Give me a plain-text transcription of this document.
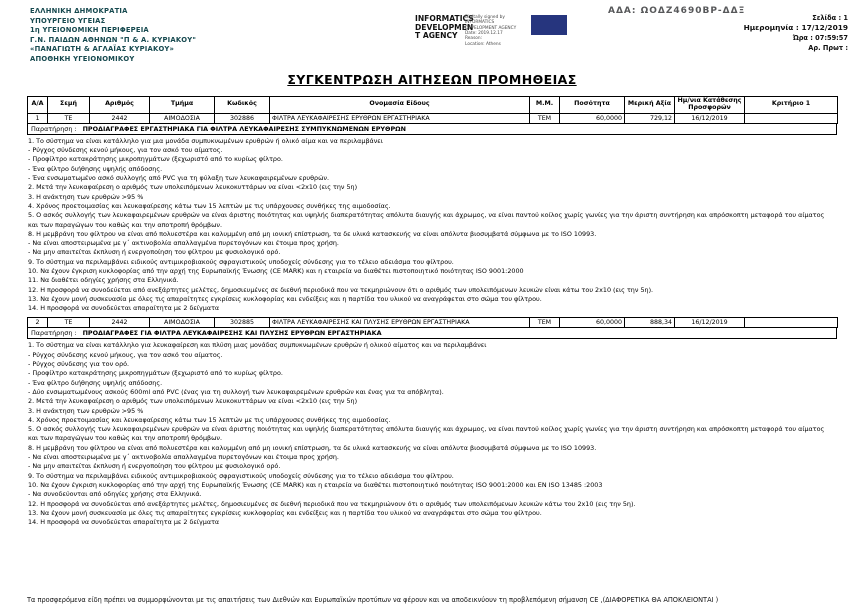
ΕΛΛΗΝΙΚΗ ΔΗΜΟΚΡΑΤΙΑ
ΥΠΟΥΡΓΕΙΟ ΥΓΕΙΑΣ
1η ΥΓΕΙΟΝΟΜΙΚΗ ΠΕΡΙΦΕΡΕΙΑ
Γ.Ν. ΠΑΙΔΩΝ ΑΘΗΝΩΝ "Π & Α. ΚΥΡΙΑΚΟΥ"
«ΠΑΝΑΓΙΩΤΗ & ΑΓΛΑΪΑΣ ΚΥΡΙΑΚΟΥ»
ΑΠΟΘΗΚΗ ΥΓΕΙΟΝΟΜΙΚΟΥ
INFORMATICS DEVELOPMEN T AGENCY
Digitally signed by INFORMATICS DEVELOPMENT AGENCY
Date: 2019.12.17
Reason:
Location: Athens
ΑΔΑ: ΩΟΔΖ4690ΒΡ-ΔΔΞ
Σελίδα : 1
Ημερομηνία : 17/12/2019
Ώρα : 07:59:57
Αρ. Πρωτ :
ΣΥΓΚΕΝΤΡΩΣΗ ΑΙΤΗΣΕΩΝ ΠΡΟΜΗΘΕΙΑΣ
Α/Α	Σεμή	Αριθμός	Τμήμα	Κωδικός	Ονομασία Είδους	Μ.Μ.	Ποσότητα	Μερική Αξία	Ημ/νια Κατάθεσης Προσφορών	Κριτήριο 1
1	ΤΕ	2442	ΑΙΜΟΔΟΣΙΑ	302886	ΦΙΛΤΡΑ ΛΕΥΚΑΦΑΙΡΕΣΗΣ ΕΡΥΘΡΩΝ ΕΡΓΑΣΤΗΡΙΑΚΑ	ΤΕΜ	60,0000	729,12	16/12/2019	
Παρατήρηση : ΠΡΟΔΙΑΓΡΑΦΕΣ ΕΡΓΑΣΤΗΡΙΑΚΑ ΓΙΑ ΦΙΛΤΡΑ ΛΕΥΚΑΦΑΙΡΕΣΗΣ ΣΥΜΠΥΚΝΩΜΕΝΩΝ ΕΡΥΘΡΩΝ
1. Το σύστημα να είναι κατάλληλο για μια μονάδα συμπυκνωμένων ερυθρών ή ολικό αίμα και να περιλαμβάνει
- Ρύγχος σύνδεσης κενού μήκους, για τον ασκό του αίματος.
- Προφίλτρο κατακράτησης μικροπηγμάτων (ξεχωριστό από το κυρίως φίλτρο.
- Ένα φίλτρο διήθησης υψηλής απόδοσης.
- Ένα ενσωματωμένο ασκό συλλογής από PVC για τη φύλαξη των λευκαφαιρεμένων ερυθρών.
2. Μετά την λευκαφαίρεση ο αριθμός των υπολειπόμενων λευκοκυττάρων να είναι <2x10 (εις την 5η)
3. Η ανάκτηση των ερυθρών >95 %
4. Χρόνος προετοιμασίας και λευκαφαίρεσης κάτω των 15 λεπτών με τις υπάρχουσες συνθήκες της αιμοδοσίας.
5. Ο ασκός συλλογής των λευκαφαιρεμένων ερυθρών να είναι άριστης ποιότητας και υψηλής διαπερατότητας απόλυτα διαυγής και άχρωμος, να είναι παντού κοίλος χωρίς γωνίες για την άριστη συντήρηση και απρόσκοπτη μεταφορά του αίματος και των παραγώγων του καθώς και την αποτροπή θρόμβων.
8. Η μεμβράνη του φίλτρου να είναι από πολυεστέρα και καλυμμένη από μη ιονική επίστρωση, τα δε υλικά κατασκευής να είναι απόλυτα βιοσυμβατά σύμφωνα με το ISO 10993.
- Να είναι αποστειρωμένα με γ΄ ακτινοβολία απαλλαγμένα πυρετογόνων και έτοιμα προς χρήση.
- Να μην απαιτείται έκπλυση ή ενεργοποίηση του φίλτρου με φυσιολογικό ορό.
9. Το σύστημα να περιλαμβάνει ειδικούς αντιμικροβιακούς σφραγιστικούς υποδοχείς σύνδεσης για το τέλειο αδειάσμα του φίλτρου.
10. Να έχουν έγκριση κυκλοφορίας από την αρχή της Ευρωπαϊκής Ένωσης (CE MARK) και η εταιρεία να διαθέτει πιστοποιητικό ποιότητας ISO 9001:2000
11. Να διαθέτει οδηγίες χρήσης στα Ελληνικά.
12. Η προσφορά να συνοδεύεται από ανεξάρτητες μελέτες, δημοσιευμένες σε διεθνή περιοδικά που να τεκμηριώνουν ότι ο αριθμός των υπολειπόμενων λευκών είναι κάτω του 2x10 (εις την 5η).
13. Να έχουν μονή συσκευασία με όλες τις απαραίτητες εγκρίσεις κυκλοφορίας και ενδείξεις και η παρτίδα του υλικού να αναγράφεται στο σώμα του φίλτρου.
14. Η προσφορά να συνοδεύεται απαραίτητα με 2 δείγματα
2	ΤΕ	2442	ΑΙΜΟΔΟΣΙΑ	302885	ΦΙΛΤΡΑ ΛΕΥΚΑΦΑΙΡΕΣΗΣ ΚΑΙ ΠΛΥΣΗΣ ΕΡΥΘΡΩΝ ΕΡΓΑΣΤΗΡΙΑΚΑ	ΤΕΜ	60,0000	888,34	16/12/2019	
Παρατήρηση : ΠΡΟΔΙΑΓΡΑΦΕΣ ΓΙΑ ΦΙΛΤΡΑ ΛΕΥΚΑΦΑΙΡΕΣΗΣ ΚΑΙ ΠΛΥΣΗΣ ΕΡΥΘΡΩΝ ΕΡΓΑΣΤΗΡΙΑΚΑ
1. Το σύστημα να είναι κατάλληλο για λευκαφαίρεση και πλύση μιας μονάδας συμπυκνωμένων ερυθρών ή ολικού αίματος και να περιλαμβάνει
- Ρύγχος σύνδεσης κενού μήκους, για τον ασκό του αίματος.
- Ρύγχος σύνδεσης για τον ορό.
- Προφίλτρο κατακράτησης μικροπηγμάτων (ξεχωριστό από το κυρίως φίλτρο.
- Ένα φίλτρο διήθησης υψηλής απόδοσης.
- Δύο ενσωματωμένους ασκούς 600ml από PVC (ένας για τη συλλογή των λευκαφαιρεμένων ερυθρών και ένας για τα απόβλητα).
2. Μετά την λευκαφαίρεση ο αριθμός των υπολειπόμενων λευκοκυττάρων να είναι <2x10 (εις την 5η)
3. Η ανάκτηση των ερυθρών >95 %
4. Χρόνος προετοιμασίας και λευκαφαίρεσης κάτω των 15 λεπτών με τις υπάρχουσες συνθήκες της αιμοδοσίας.
5. Ο ασκός συλλογής των λευκαφαιρεμένων ερυθρών να είναι άριστης ποιότητας και υψηλής διαπερατότητας απόλυτα διαυγής και άχρωμος, να είναι παντού κοίλος χωρίς γωνίες για την άριστη συντήρηση και απρόσκοπτη μεταφορά του αίματος και των παραγώγων του καθώς και την αποτροπή θρόμβων.
8. Η μεμβράνη του φίλτρου να είναι από πολυεστέρα και καλυμμένη από μη ιονική επίστρωση, τα δε υλικά κατασκευής να είναι απόλυτα βιοσυμβατά σύμφωνα με το ISO 10993.
- Να είναι αποστειρωμένα με γ΄ ακτινοβολία απαλλαγμένα πυρετογόνων και έτοιμα προς χρήση.
- Να μην απαιτείται έκπλυση ή ενεργοποίηση του φίλτρου με φυσιολογικό ορό.
9. Το σύστημα να περιλαμβάνει ειδικούς αντιμικροβιακούς σφραγιστικούς υποδοχείς σύνδεσης για το τέλειο αδειάσμα του φίλτρου.
10. Να έχουν έγκριση κυκλοφορίας από την αρχή της Ευρωπαϊκής Ένωσης (CE MARK) και η εταιρεία να διαθέτει πιστοποιητικό ποιότητας ISO 9001:2000 και EN ISO 13485 :2003
- Να συνοδεύονται από οδηγίες χρήσης στα Ελληνικά.
12. Η προσφορά να συνοδεύεται από ανεξάρτητες μελέτες, δημοσιευμένες σε διεθνή περιοδικά που να τεκμηριώνουν ότι ο αριθμός των υπολειπόμενων λευκών κάτω του 2x10 (εις την 5η).
13. Να έχουν μονή συσκευασία με όλες τις απαραίτητες εγκρίσεις κυκλοφορίας και ενδείξεις και η παρτίδα του υλικού να αναγράφεται στο σώμα του φίλτρου.
14. Η προσφορά να συνοδεύεται απαραίτητα με 2 δείγματα
Τα προσφερόμενα είδη πρέπει να συμμορφώνονται με τις απαιτήσεις των Διεθνών και Ευρωπαϊκών προτύπων να φέρουν και να αποδεικνύουν τη προβλεπόμενη σήμανση CE ,(ΔΙΑΦΟΡΕΤΙΚΑ ΘΑ ΑΠΟΚΛΕΙΟΝΤΑΙ )
